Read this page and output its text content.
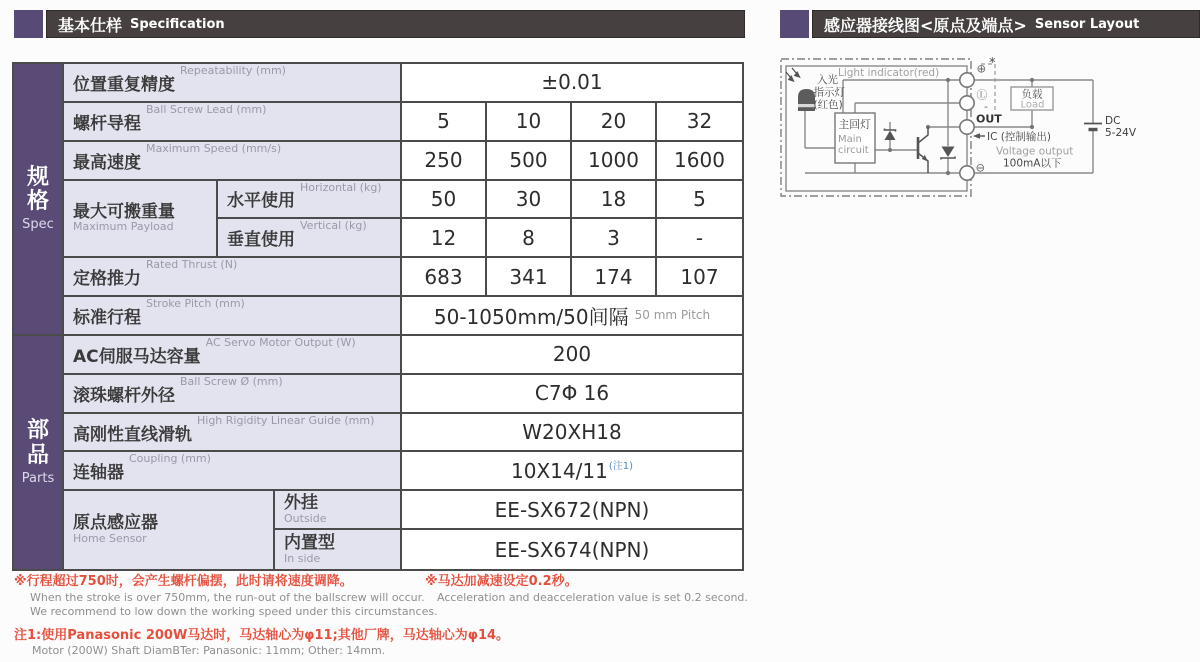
基本仕样 Specification	感应器接线图<原点及端点> Sensor Layout
规
格
Spec
部
品
Parts
位置重复精度
Repeatability (mm)	±0.01
螺杆导程
Ball Screw Lead (mm)	5	10	20	32
最高速度
Maximum Speed (mm/s)	250 500 1000 1600
最大可搬重量
Maximum Payload
水平使用
Horizontal (kg) 50	30	18	5
垂直使用
Vertical (kg)	12	8	3	-
定格推力
Rated Thrust (N)	683 341 174 107
标准行程
Stroke Pitch (mm)
50-1050mm/50间隔 50 mm Pitch
AC伺服马达容量
AC Servo Motor Output (W)	200
滚珠螺杆外径
Ball Screw Ø (mm)	C7Φ 16
高刚性直线滑轨
High Rigidity Linear Guide (mm)	W20XH18
连轴器
Coupling (mm)	10X14/11 (注1)
原点感应器
Home Sensor
外挂
Outside	EE-SX672(NPN)
内置型
In side	EE-SX674(NPN)
Light indicator(red)
入光
指示灯
(红色)
主回灯
Main
circuit
负载
Load
⊕ *
Ⓛ
-
OUT
⊖
IC (控制输出)
Voltage output
100mA以下
DC
5-24V
※行程超过750时，会产生螺杆偏摆，此时请将速度调降。
When the stroke is over 750mm, the run-out of the ballscrew will occur.
We recommend to low down the working speed under this circumstances.
※马达加减速设定0.2秒。
Acceleration and deacceleration value is set 0.2 second.
注1:使用Panasonic 200W马达时，马达轴心为φ11;其他厂牌，马达轴心为φ14。
Motor (200W) Shaft DiamBTer: Panasonic: 11mm; Other: 14mm.
